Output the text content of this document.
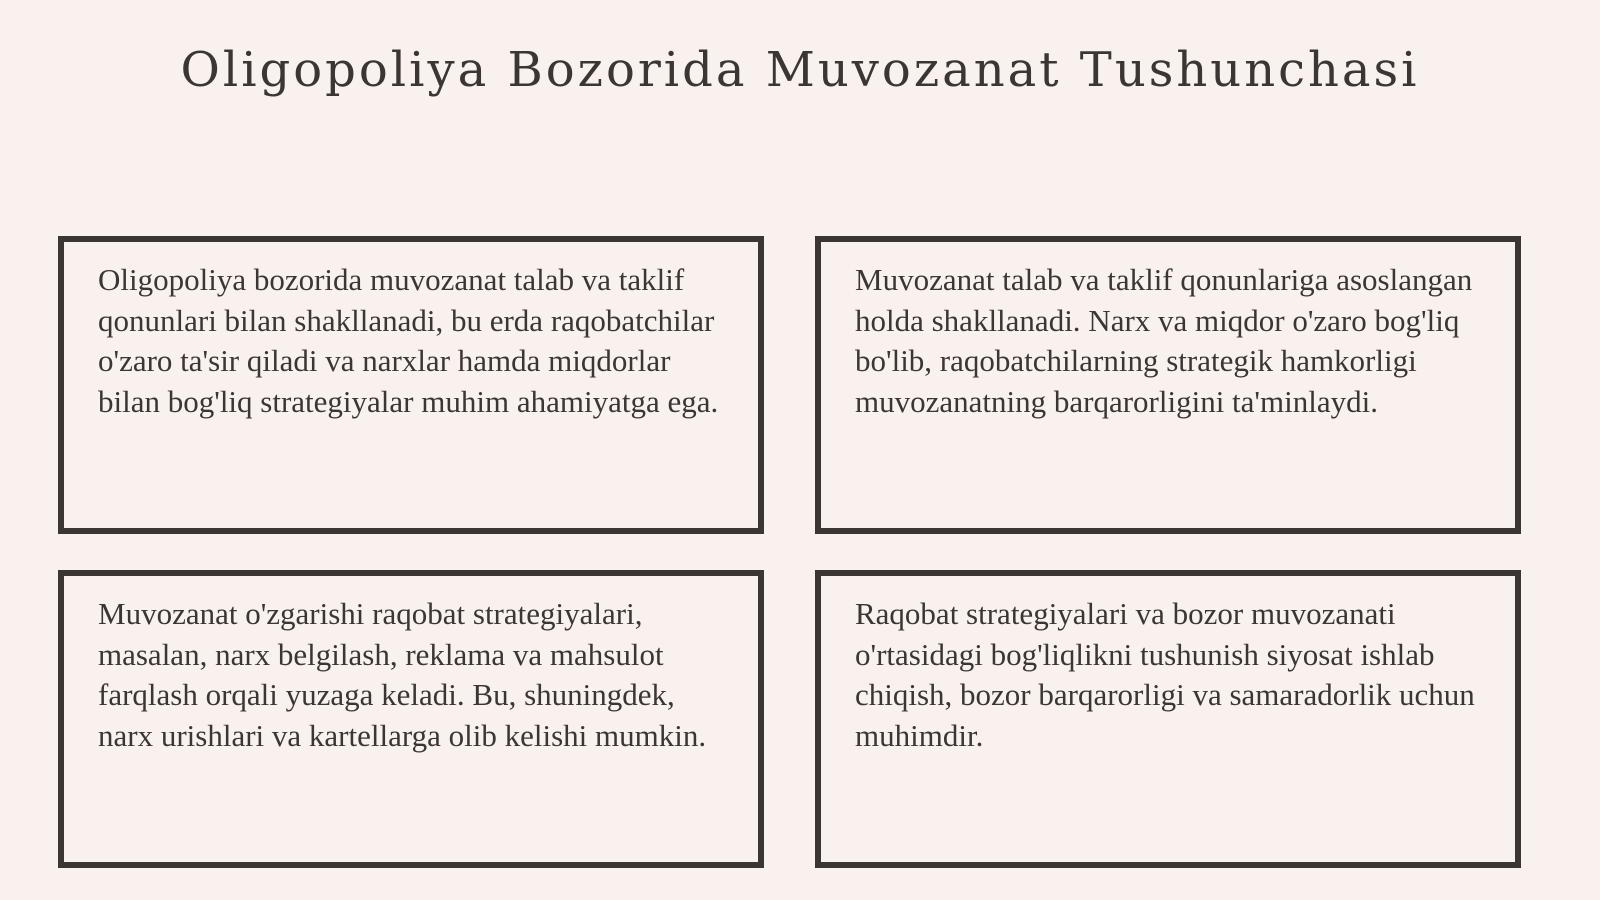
Oligopoliya Bozorida Muvozanat Tushunchasi

Oligopoliya bozorida muvozanat talab va taklif qonunlari bilan shakllanadi, bu erda raqobatchilar o'zaro ta'sir qiladi va narxlar hamda miqdorlar bilan bog'liq strategiyalar muhim ahamiyatga ega.

Muvozanat talab va taklif qonunlariga asoslangan holda shakllanadi. Narx va miqdor o'zaro bog'liq bo'lib, raqobatchilarning strategik hamkorligi muvozanatning barqarorligini ta'minlaydi.

Muvozanat o'zgarishi raqobat strategiyalari, masalan, narx belgilash, reklama va mahsulot farqlash orqali yuzaga keladi. Bu, shuningdek, narx urishlari va kartellarga olib kelishi mumkin.

Raqobat strategiyalari va bozor muvozanati o'rtasidagi bog'liqlikni tushunish siyosat ishlab chiqish, bozor barqarorligi va samaradorlik uchun muhimdir.
